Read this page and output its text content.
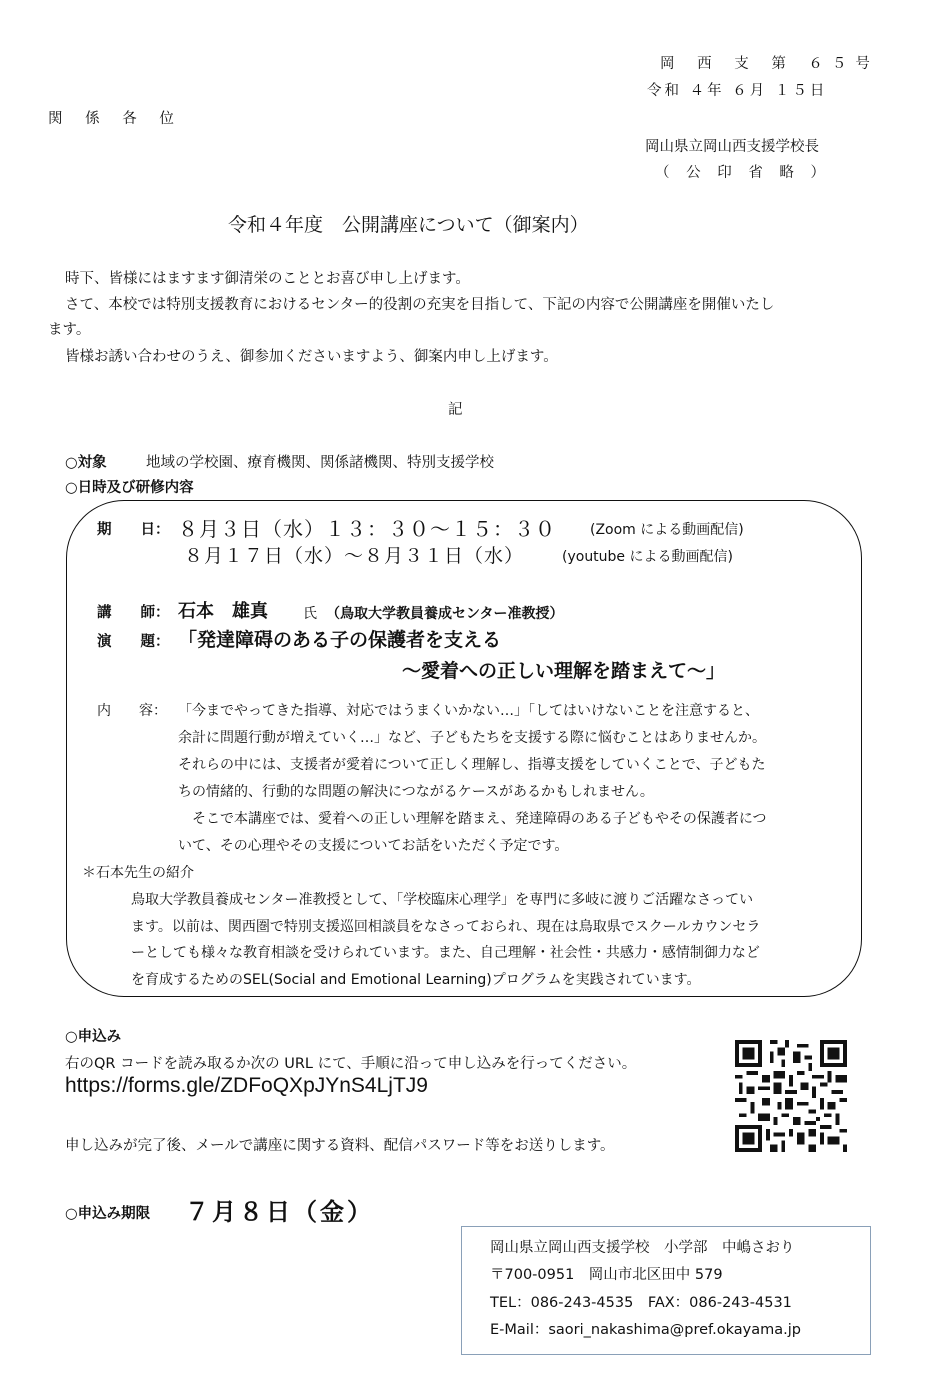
岡 西 支 第 ６５号
令和 ４年 ６月 １５日
関 係 各 位
岡山県立岡山西支援学校長
（ 公 印 省 略 ）
令和４年度　公開講座について（御案内）
時下、皆様にはますます御清栄のこととお喜び申し上げます。
さて、本校では特別支援教育におけるセンター的役割の充実を目指して、下記の内容で公開講座を開催いたし
ます。
皆様お誘い合わせのうえ、御参加くださいますよう、御案内申し上げます。
記
○対象	地域の学校園、療育機関、関係諸機関、特別支援学校
○日時及び研修内容
期　　日： ８月３日（水）１３：３０～１５：３０ (Zoom による動画配信)
８月１７日（水）～８月３１日（水）	(youtube による動画配信)
講　　師： 石本　雄真	氏 （鳥取大学教員養成センター准教授）
演　　題： 「発達障碍のある子の保護者を支える
～愛着への正しい理解を踏まえて～」
内　　容： 「今までやってきた指導、対応ではうまくいかない…」「してはいけないことを注意すると、
余計に問題行動が増えていく…」など、子どもたちを支援する際に悩むことはありませんか。
それらの中には、支援者が愛着について正しく理解し、指導支援をしていくことで、子どもた
ちの情緒的、行動的な問題の解決につながるケースがあるかもしれません。
　そこで本講座では、愛着への正しい理解を踏まえ、発達障碍のある子どもやその保護者につ
いて、その心理やその支援についてお話をいただく予定です。
＊石本先生の紹介
鳥取大学教員養成センター准教授として、「学校臨床心理学」を専門に多岐に渡りご活躍なさってい
ます。以前は、関西圏で特別支援巡回相談員をなさっておられ、現在は鳥取県でスクールカウンセラ
ーとしても様々な教育相談を受けられています。また、自己理解・社会性・共感力・感情制御力など
を育成するためのSEL(Social and Emotional Learning)プログラムを実践されています。
○申込み
右のQR コードを読み取るか次の URL にて、手順に沿って申し込みを行ってください。
https://forms.gle/ZDFoQXpJYnS4LjTJ9
申し込みが完了後、メールで講座に関する資料、配信パスワード等をお送りします。
○申込み期限 ７月８日（金）
岡山県立岡山西支援学校　小学部　中嶋さおり
〒700-0951　岡山市北区田中 579
TEL：086-243-4535　FAX：086-243-4531
E-Mail：saori_nakashima@pref.okayama.jp
